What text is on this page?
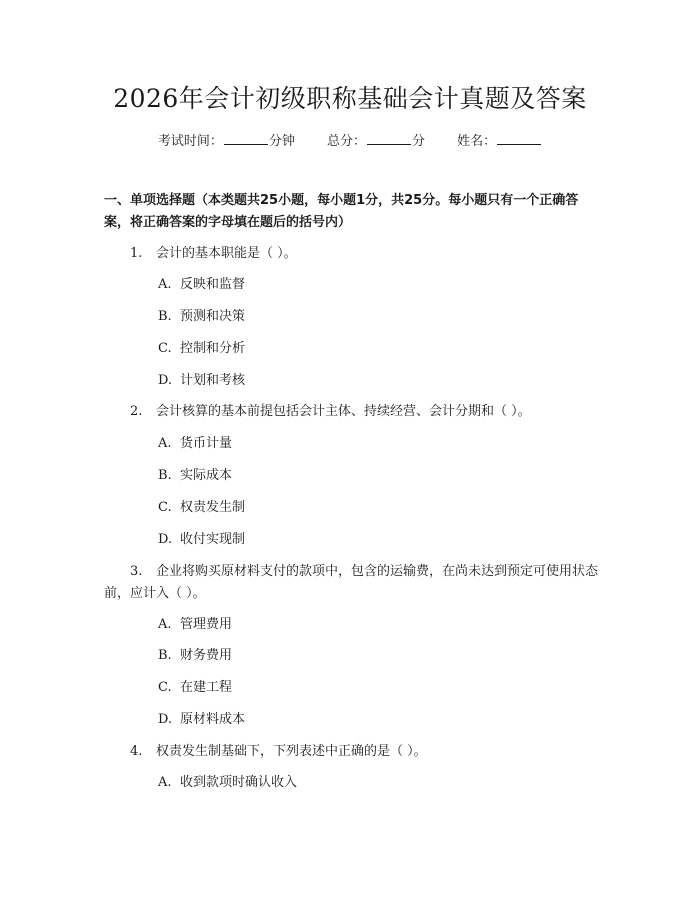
2026年会计初级职称基础会计真题及答案
考试时间：	分钟 总分：	分 姓名：
一、单项选择题（本类题共25小题，每小题1分，共25分。每小题只有一个正确答案，将正确答案的字母填在题后的括号内）

1. 会计的基本职能是（ ）。

A. 反映和监督

B. 预测和决策

C. 控制和分析

D. 计划和考核

2. 会计核算的基本前提包括会计主体、持续经营、会计分期和（ ）。

A. 货币计量

B. 实际成本

C. 权责发生制

D. 收付实现制

3. 企业将购买原材料支付的款项中，包含的运输费，在尚未达到预定可使用状态前，应计入（ ）。

A. 管理费用

B. 财务费用

C. 在建工程

D. 原材料成本

4. 权责发生制基础下，下列表述中正确的是（ ）。

A. 收到款项时确认收入
